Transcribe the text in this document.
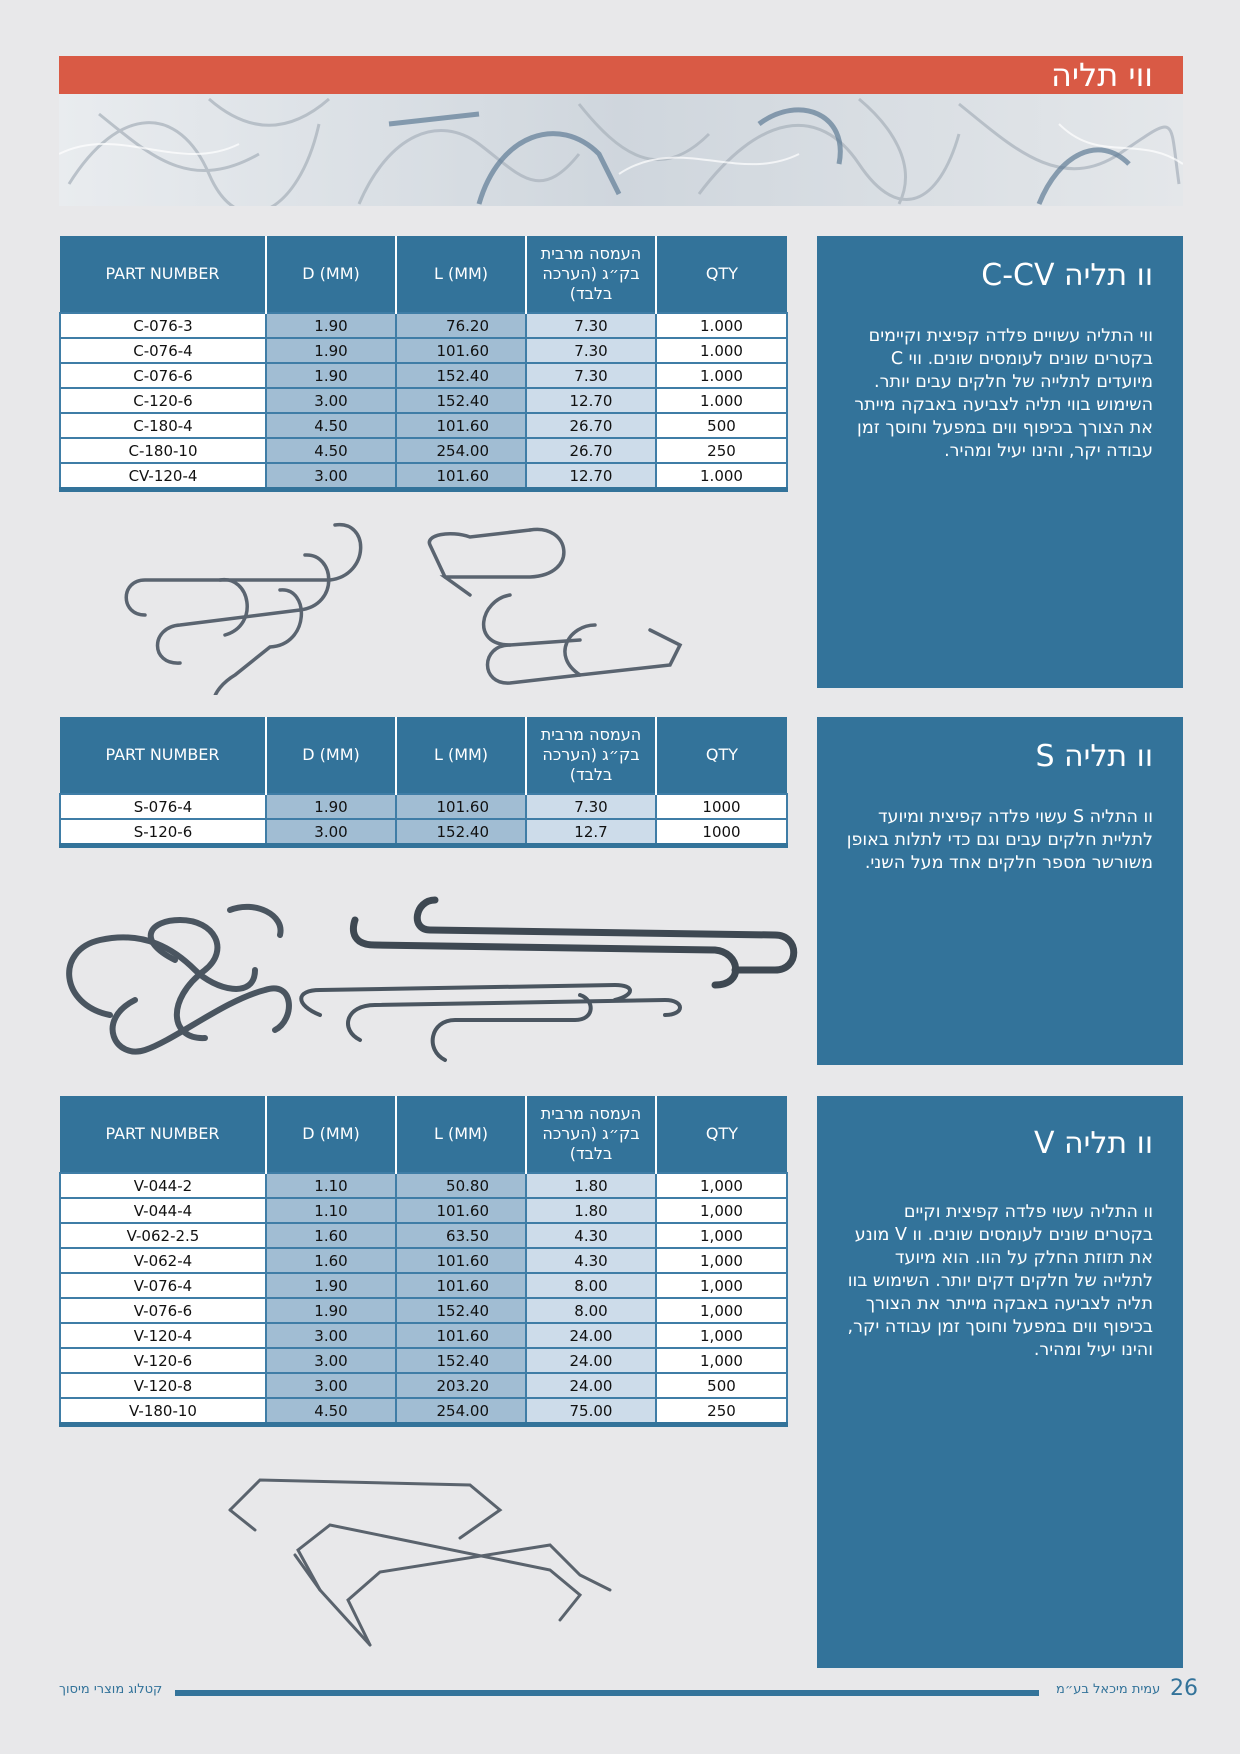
ווי תליה
PART NUMBER	D (MM)	L (MM)	העמסה מרבית בק״ג (הערכה בלבד)	QTY
C-076-3	1.90	76.20	7.30	1.000
C-076-4	1.90	101.60	7.30	1.000
C-076-6	1.90	152.40	7.30	1.000
C-120-6	3.00	152.40	12.70	1.000
C-180-4	4.50	101.60	26.70	500
C-180-10	4.50	254.00	26.70	250
CV-120-4	3.00	101.60	12.70	1.000
וו תליה C-CV

ווי התליה עשויים פלדה קפיצית וקיימים בקטרים שונים לעומסים שונים. ווי C מיועדים לתלייה של חלקים עבים יותר. השימוש בווי תליה לצביעה באבקה מייתר את הצורך בכיפוף ווים במפעל וחוסך זמן עבודה יקר, והינו יעיל ומהיר.

PART NUMBER	D (MM)	L (MM)	העמסה מרבית בק״ג (הערכה בלבד)	QTY
S-076-4	1.90	101.60	7.30	1000
S-120-6	3.00	152.40	12.7	1000
וו תליה S

וו התליה S עשוי פלדה קפיצית ומיועד לתליית חלקים עבים וגם כדי לתלות באופן משורשר מספר חלקים אחד מעל השני.

PART NUMBER	D (MM)	L (MM)	העמסה מרבית בק״ג (הערכה בלבד)	QTY
V-044-2	1.10	50.80	1.80	1,000
V-044-4	1.10	101.60	1.80	1,000
V-062-2.5	1.60	63.50	4.30	1,000
V-062-4	1.60	101.60	4.30	1,000
V-076-4	1.90	101.60	8.00	1,000
V-076-6	1.90	152.40	8.00	1,000
V-120-4	3.00	101.60	24.00	1,000
V-120-6	3.00	152.40	24.00	1,000
V-120-8	3.00	203.20	24.00	500
V-180-10	4.50	254.00	75.00	250
וו תליה V

וו התליה עשוי פלדה קפיצית וקיים בקטרים שונים לעומסים שונים. וו V מונע את תזוזת החלק על הוו. הוא מיועד לתלייה של חלקים דקים יותר. השימוש בוו תליה לצביעה באבקה מייתר את הצורך בכיפוף ווים במפעל וחוסך זמן עבודה יקר, והינו יעיל ומהיר.

קטלוג מוצרי מיסוך	עמית מיכאל בע״מ 26
